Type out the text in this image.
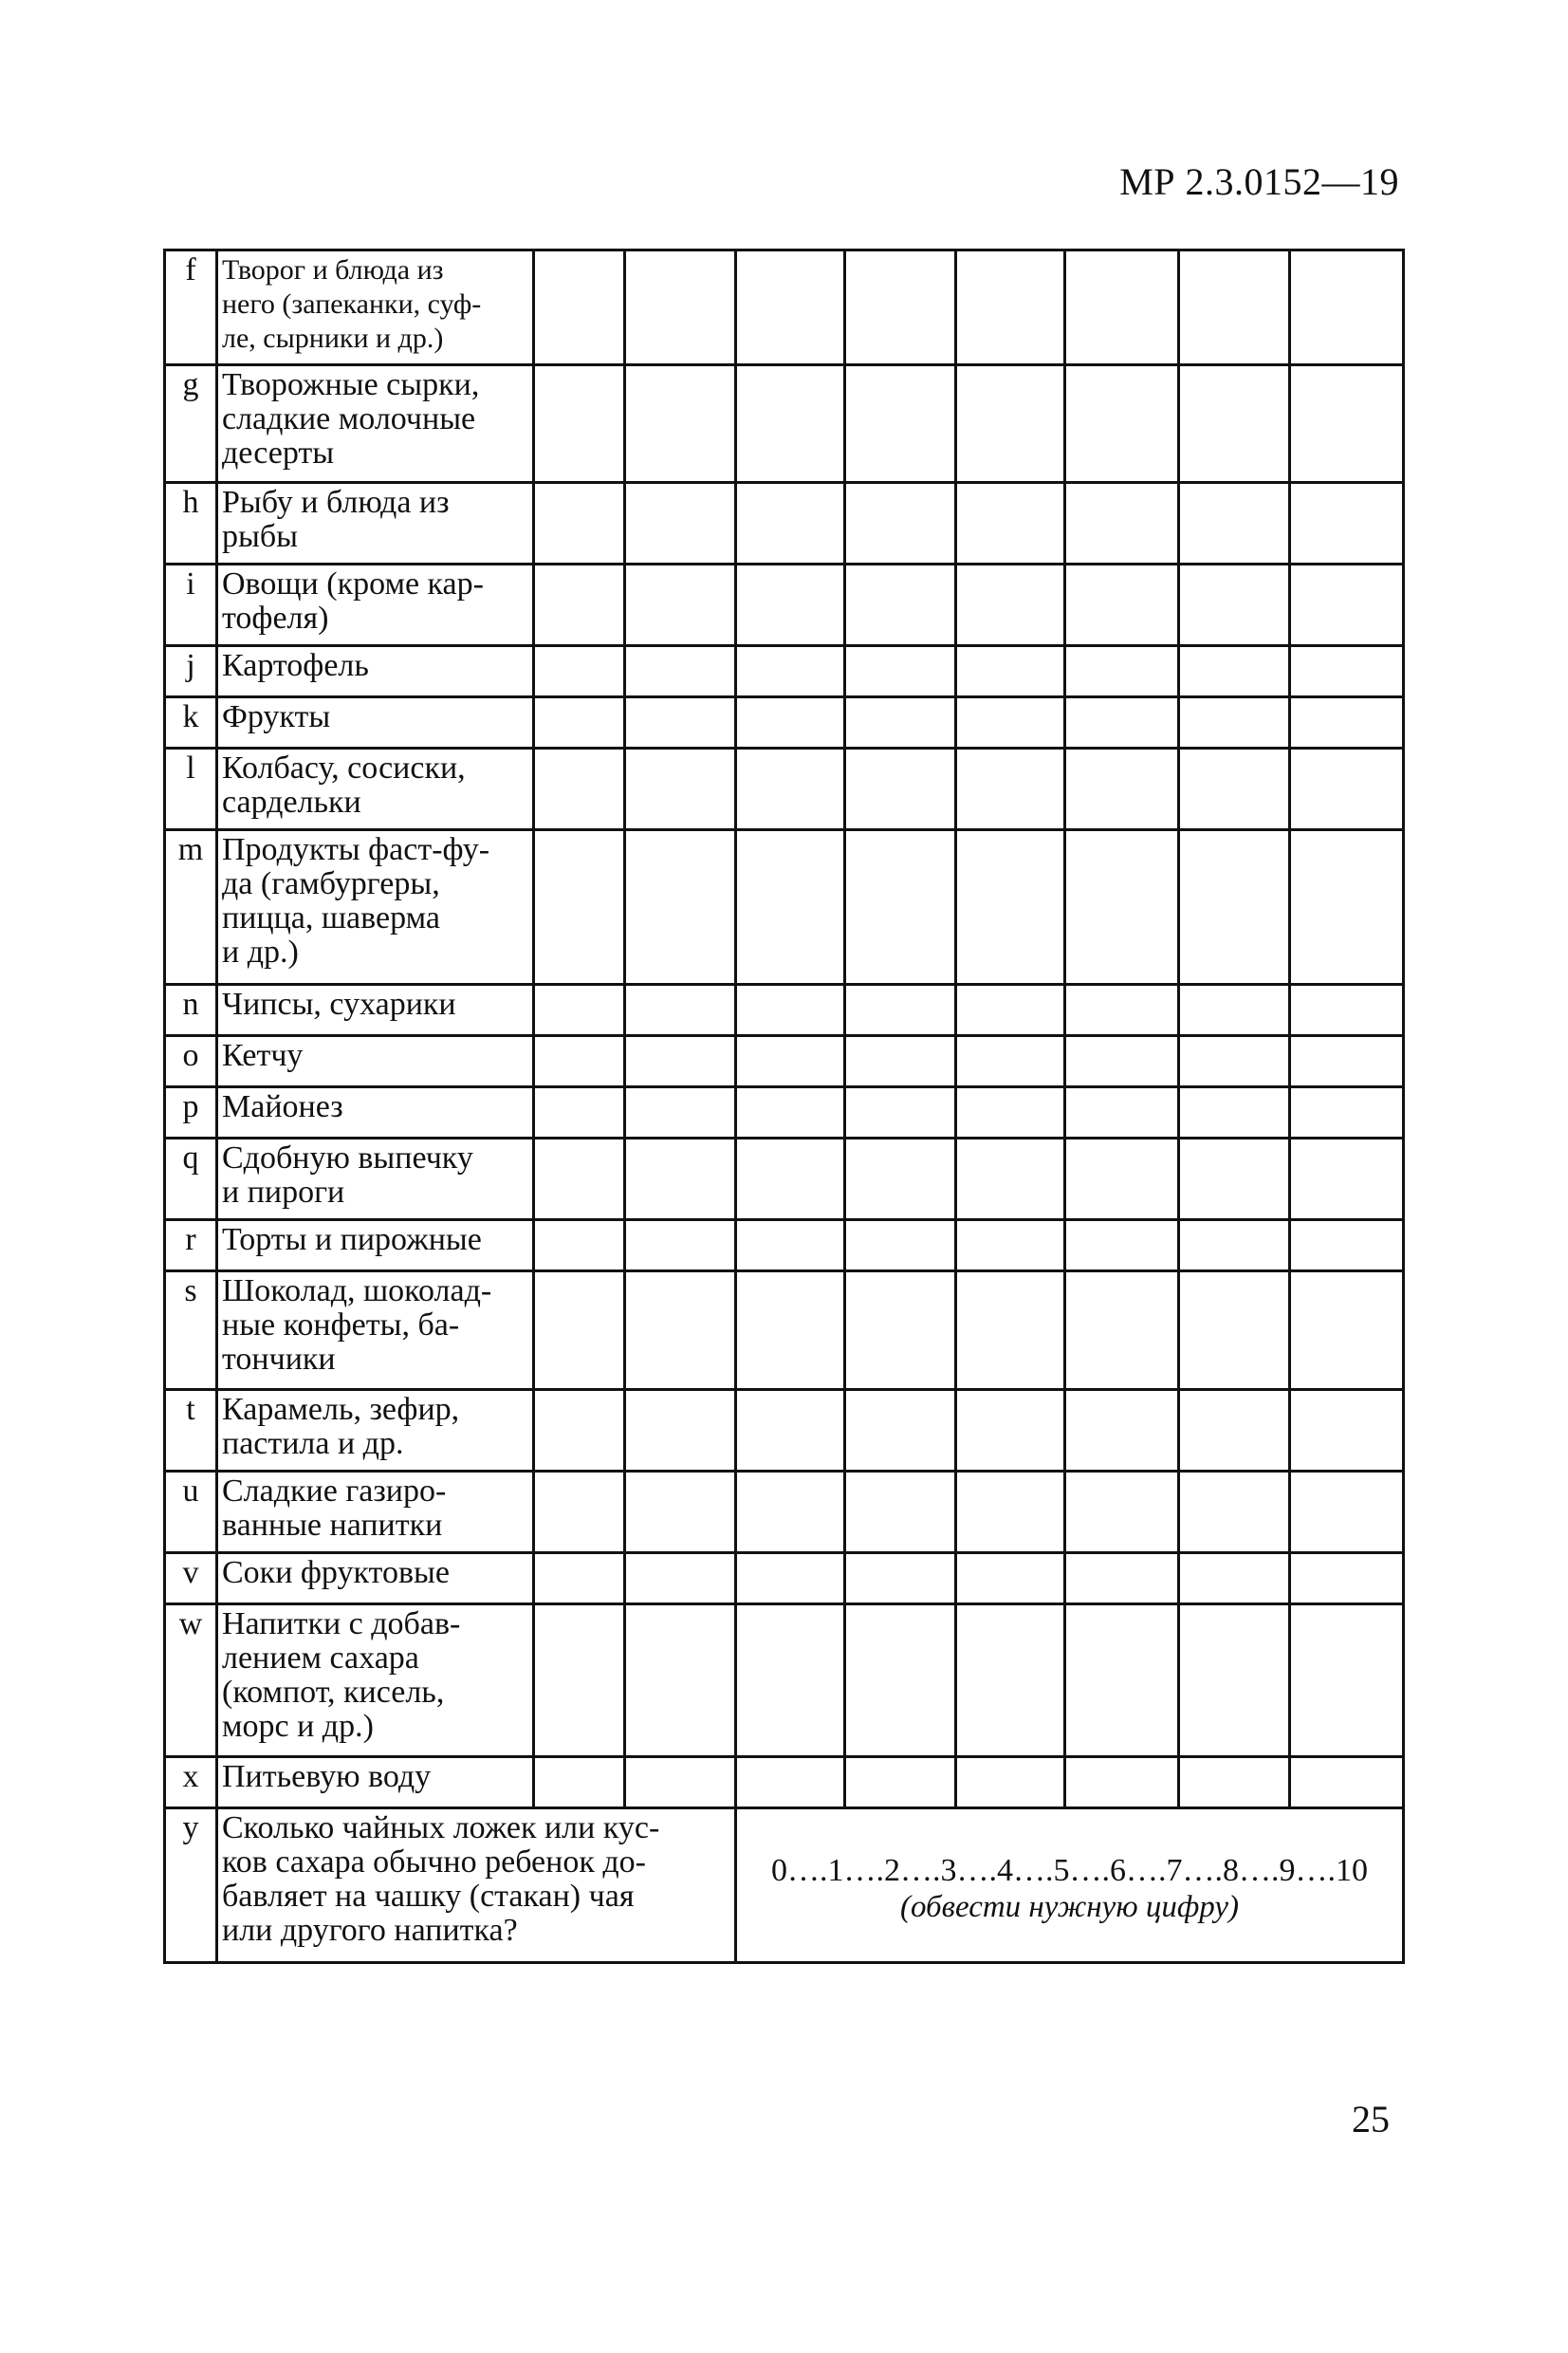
МР 2.3.0152—19
f	Творог и блюда из
него (запеканки, суф-
ле, сырники и др.)								

g	Творожные сырки,
сладкие молочные
десерты								

h	Рыбу и блюда из
рыбы								

i	Овощи (кроме кар-
тофеля)								

j	Картофель								

k	Фрукты								

l	Колбасу, сосиски,
сардельки								

m	Продукты фаст-фу-
да (гамбургеры,
пицца, шаверма
и др.)								

n	Чипсы, сухарики								

o	Кетчу								

p	Майонез								

q	Сдобную выпечку
и пироги								

r	Торты и пирожные								

s	Шоколад, шоколад-
ные конфеты, ба-
тончики								

t	Карамель, зефир,
пастила и др.								

u	Сладкие газиро-
ванные напитки								

v	Соки фруктовые								

w	Напитки с добав-
лением сахара
(компот, кисель,
морс и др.)								

x	Питьевую воду								

y	Сколько чайных ложек или кус-
ков сахара обычно ребенок до-
бавляет на чашку (стакан) чая
или другого напитка?			0….1….2….3….4….5….6….7….8….9….10
(обвести нужную цифру)					
25
